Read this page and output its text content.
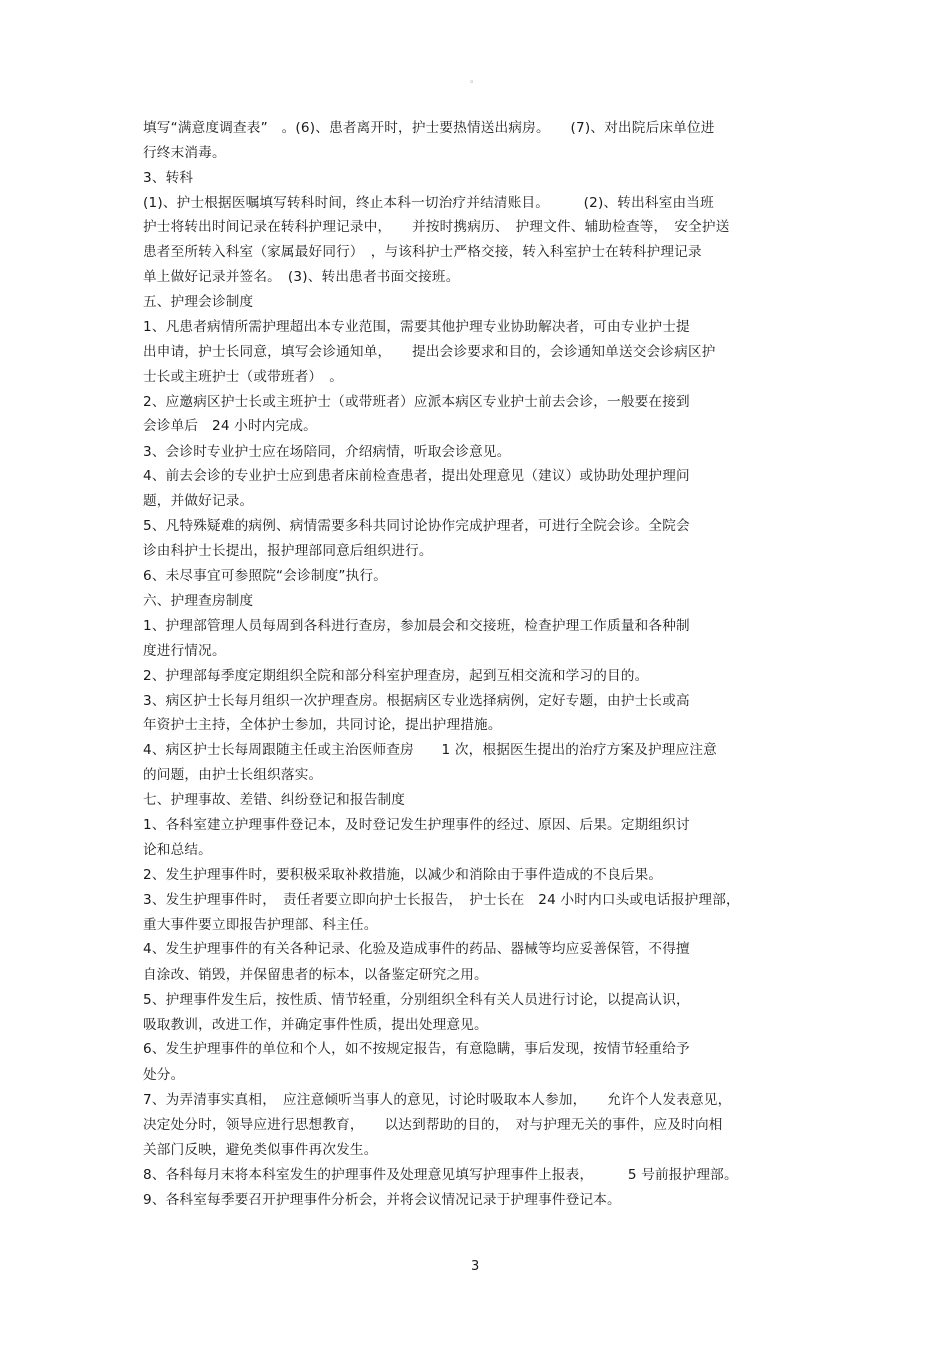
。
填写“满意度调查表”　。(6)、患者离开时，护士要热情送出病房。　　(7)、对出院后床单位进
行终末消毒。
3、转科
(1)、护士根据医嘱填写转科时间，终止本科一切治疗并结清账目。　　　(2)、转出科室由当班
护士将转出时间记录在转科护理记录中，　　并按时携病历、　护理文件、辅助检查等，　安全护送
患者至所转入科室（家属最好同行）　，与该科护士严格交接，转入科室护士在转科护理记录
单上做好记录并签名。　(3)、转出患者书面交接班。
五、护理会诊制度
1、凡患者病情所需护理超出本专业范围，需要其他护理专业协助解决者，可由专业护士提
出申请，护士长同意，填写会诊通知单，　　提出会诊要求和目的，会诊通知单送交会诊病区护
士长或主班护士（或带班者）　。
2、应邀病区护士长或主班护士（或带班者）应派本病区专业护士前去会诊，一般要在接到
会诊单后　24 小时内完成。
3、会诊时专业护士应在场陪同，介绍病情，听取会诊意见。
4、前去会诊的专业护士应到患者床前检查患者，提出处理意见（建议）或协助处理护理问
题，并做好记录。
5、凡特殊疑难的病例、病情需要多科共同讨论协作完成护理者，可进行全院会诊。全院会
诊由科护士长提出，报护理部同意后组织进行。
6、未尽事宜可参照院“会诊制度”执行。
六、护理查房制度
1、护理部管理人员每周到各科进行查房，参加晨会和交接班，检查护理工作质量和各种制
度进行情况。
2、护理部每季度定期组织全院和部分科室护理查房，起到互相交流和学习的目的。
3、病区护士长每月组织一次护理查房。根据病区专业选择病例，定好专题，由护士长或高
年资护士主持，全体护士参加，共同讨论，提出护理措施。
4、病区护士长每周跟随主任或主治医师查房　　1 次，根据医生提出的治疗方案及护理应注意
的问题，由护士长组织落实。
七、护理事故、差错、纠纷登记和报告制度
1、各科室建立护理事件登记本，及时登记发生护理事件的经过、原因、后果。定期组织讨
论和总结。
2、发生护理事件时，要积极采取补救措施，以减少和消除由于事件造成的不良后果。
3、发生护理事件时，　责任者要立即向护士长报告，　护士长在　24 小时内口头或电话报护理部，
重大事件要立即报告护理部、科主任。
4、发生护理事件的有关各种记录、化验及造成事件的药品、器械等均应妥善保管，不得擅
自涂改、销毁，并保留患者的标本，以备鉴定研究之用。
5、护理事件发生后，按性质、情节轻重，分别组织全科有关人员进行讨论，以提高认识，
吸取教训，改进工作，并确定事件性质，提出处理意见。
6、发生护理事件的单位和个人，如不按规定报告，有意隐瞒，事后发现，按情节轻重给予
处分。
7、为弄清事实真相，　应注意倾听当事人的意见，讨论时吸取本人参加，　　允许个人发表意见，
决定处分时，领导应进行思想教育，　　以达到帮助的目的，　对与护理无关的事件，应及时向相
关部门反映，避免类似事件再次发生。
8、各科每月末将本科室发生的护理事件及处理意见填写护理事件上报表，　　　5 号前报护理部。
9、各科室每季要召开护理事件分析会，并将会议情况记录于护理事件登记本。
3
